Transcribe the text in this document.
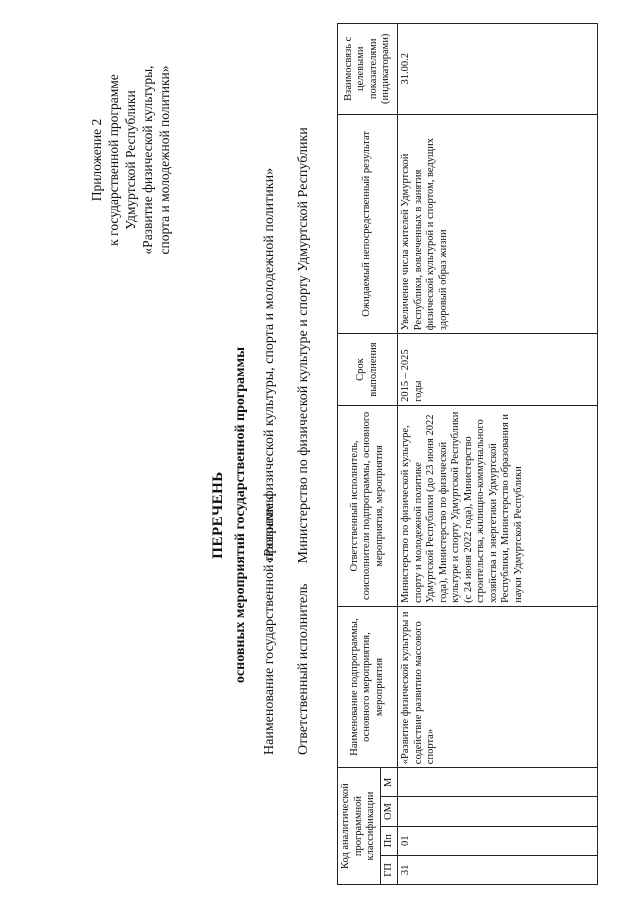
Приложение 2 к государственной программе Удмуртской Республики «Развитие физической культуры, спорта и молодежной политики»
ПЕРЕЧЕНЬ основных мероприятий государственной программы Наименование государственной программы «Развитие физической культуры, спорта и молодежной политики»
Ответственный исполнитель Министерство по физической культуре и спорту Удмуртской Республики
Код аналитической программной классификации				Наименование подпрограммы, основного мероприятия, мероприятия	Ответственный исполнитель, соисполнители подпрограммы, основного мероприятия, мероприятия	Срок выполнения	Ожидаемый непосредственный результат	Взаимосвязь с целевыми показателями (индикаторами)
ГП	Пп	ОМ	М					
31	01			«Развитие физической культуры и содействие развитию массового спорта»	Министерство по физической культуре, спорту и молодежной политике Удмуртской Республики (до 23 июня 2022 года), Министерство по физической культуре и спорту Удмуртской Республики (с 24 июня 2022 года), Министерство строительства, жилищно-коммунального хозяйства и энергетики Удмуртской Республики, Министерство образования и науки Удмуртской Республики	2015 – 2025 годы	Увеличение числа жителей Удмуртской Республики, вовлеченных в занятия физической культурой и спортом, ведущих здоровый образ жизни	31.00.2
